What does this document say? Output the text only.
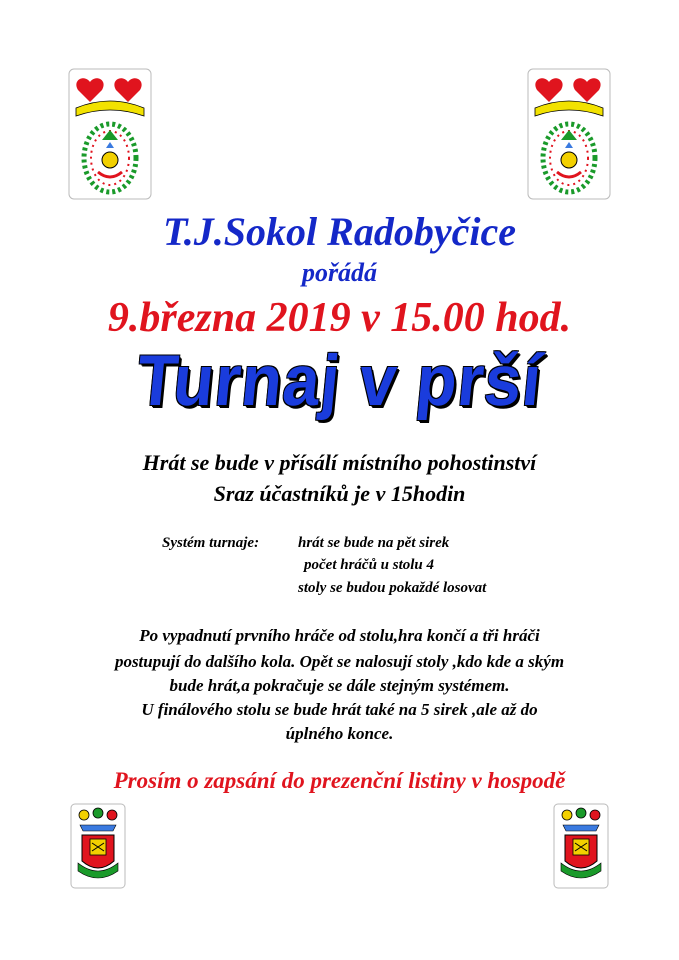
T.J.Sokol Radobyčice
pořádá
9.března 2019 v 15.00 hod.
Turnaj v prší
Hrát se bude v přísálí místního pohostinství
Sraz účastníků je v 15hodin
Systém turnaje:	hrát se bude na pět sirek
počet hráčů u stolu 4
stoly se budou pokaždé losovat
Po vypadnutí prvního hráče od stolu,hra končí a tři hráči
postupují do dalšího kola. Opět se nalosují stoly ,kdo kde a ským
bude hrát,a pokračuje se dále stejným systémem.
U finálového stolu se bude hrát také na 5 sirek ,ale až do
úplného konce.
Prosím o zapsání do prezenční listiny v hospodě
